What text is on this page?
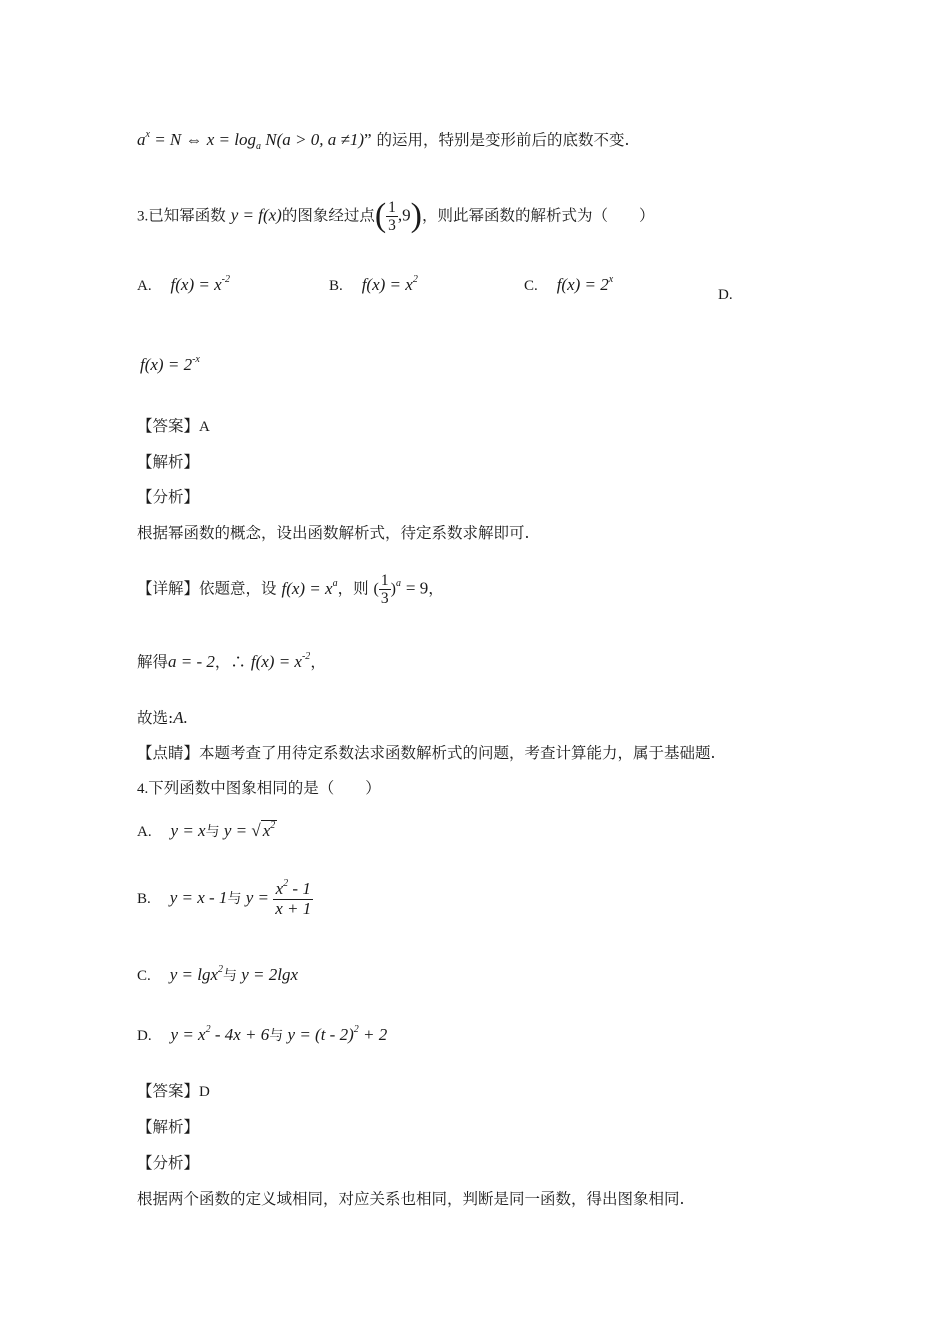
$a^x = N$ ⇔ $x = \log_a N(a > 0$, a ≠1)” 的运用，特别是变形前后的底数不变.
3.已知幂函数 y = f(x)的图象经过点( $\frac{1}{3} ,9$)，则此幂函数的解析式为（　　）
A. $f(x) = x^{-2}$	B. $f(x) = x^2$	C. $f(x) = 2^x$
D.
$f(x) = 2^{-x}$
【答案】A
【解析】
【分析】
根据幂函数的概念，设出函数解析式，待定系数求解即可.
【详解】依题意，设 $f(x) = x^a$，则 ( $\frac{1}{3} )^a = 9$，
解得a = - 2，∴ $f(x) = x^{-2}$，
故选:A.
【点睛】本题考查了用待定系数法求函数解析式的问题，考查计算能力，属于基础题.
4.下列函数中图象相同的是（　　）
A. y = x与 y = √ $x^2$
B. y = x - 1与 $y = \frac{x^2 - 1}{x + 1}$
C. y = lgx$^2$与 y = 2lgx
D. $y = x^2 - 4x + 6$与 y = (t - 2)$^2$ + 2
【答案】D
【解析】
【分析】
根据两个函数的定义域相同，对应关系也相同，判断是同一函数，得出图象相同.
